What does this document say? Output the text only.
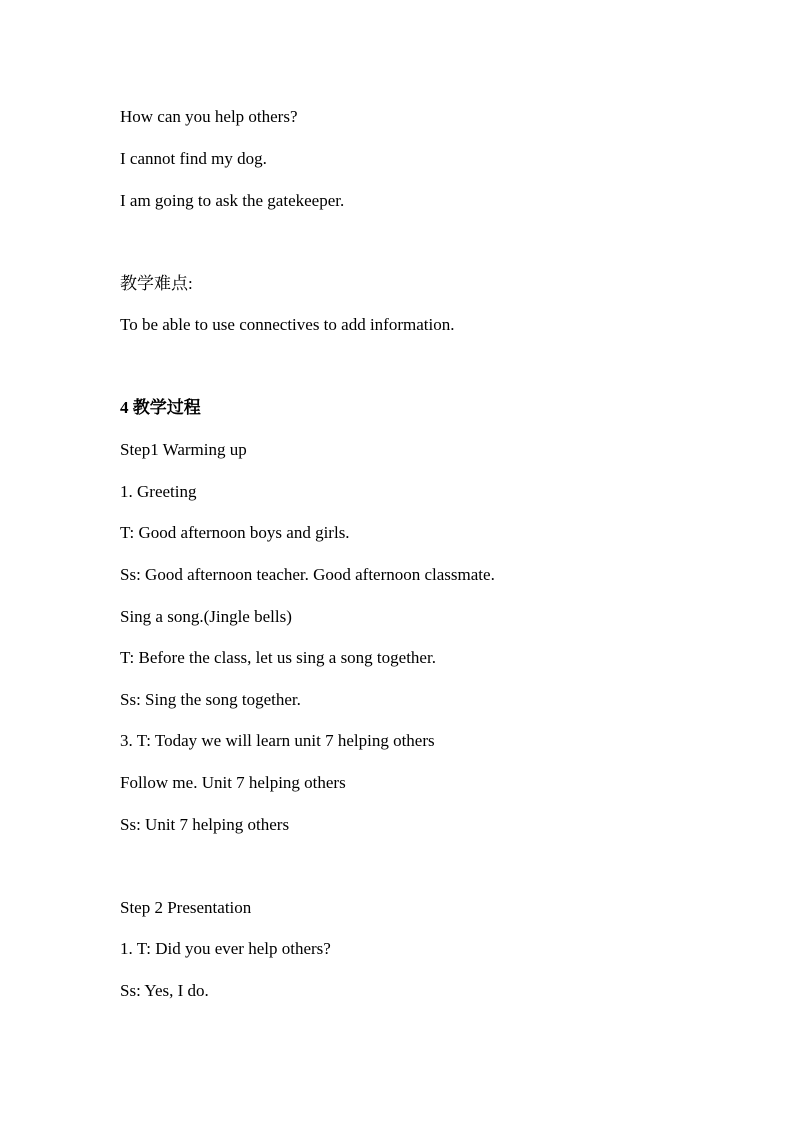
How can you help others?

I cannot find my dog.

I am going to ask the gatekeeper.

教学难点:

To be able to use connectives to add information.

4 教学过程

Step1 Warming up

1. Greeting

T: Good afternoon boys and girls.

Ss: Good afternoon teacher. Good afternoon classmate.

Sing a song.(Jingle bells)

T: Before the class, let us sing a song together.

Ss: Sing the song together.

3. T: Today we will learn unit 7 helping others

Follow me. Unit 7 helping others

Ss: Unit 7 helping others

Step 2 Presentation

1. T: Did you ever help others?

Ss: Yes, I do.
